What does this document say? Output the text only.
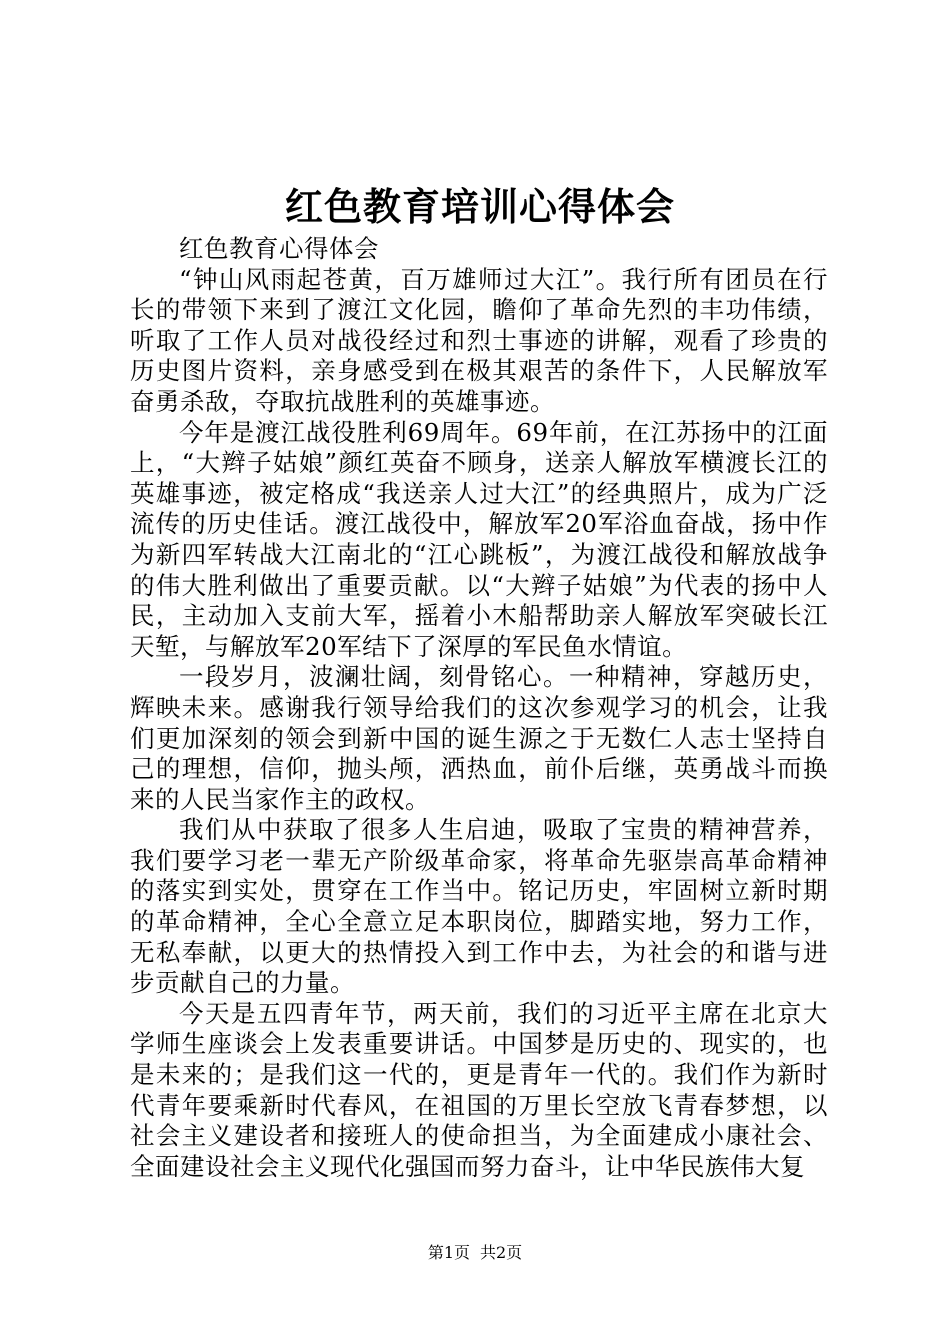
红色教育培训心得体会

红色教育心得体会

“钟山风雨起苍黄，百万雄师过大江”。我行所有团员在行长的带领下来到了渡江文化园，瞻仰了革命先烈的丰功伟绩，听取了工作人员对战役经过和烈士事迹的讲解，观看了珍贵的历史图片资料，亲身感受到在极其艰苦的条件下，人民解放军奋勇杀敌，夺取抗战胜利的英雄事迹。

今年是渡江战役胜利69周年。69年前，在江苏扬中的江面上，“大辫子姑娘”颜红英奋不顾身，送亲人解放军横渡长江的英雄事迹，被定格成“我送亲人过大江”的经典照片，成为广泛流传的历史佳话。渡江战役中，解放军20军浴血奋战，扬中作为新四军转战大江南北的“江心跳板”，为渡江战役和解放战争的伟大胜利做出了重要贡献。以“大辫子姑娘”为代表的扬中人民，主动加入支前大军，摇着小木船帮助亲人解放军突破长江天堑，与解放军20军结下了深厚的军民鱼水情谊。

一段岁月，波澜壮阔，刻骨铭心。一种精神，穿越历史，辉映未来。感谢我行领导给我们的这次参观学习的机会，让我们更加深刻的领会到新中国的诞生源之于无数仁人志士坚持自己的理想，信仰，抛头颅，洒热血，前仆后继，英勇战斗而换来的人民当家作主的政权。

我们从中获取了很多人生启迪，吸取了宝贵的精神营养，我们要学习老一辈无产阶级革命家，将革命先驱崇高革命精神的落实到实处，贯穿在工作当中。铭记历史，牢固树立新时期的革命精神，全心全意立足本职岗位，脚踏实地，努力工作，无私奉献，以更大的热情投入到工作中去，为社会的和谐与进步贡献自己的力量。

今天是五四青年节，两天前，我们的习近平主席在北京大学师生座谈会上发表重要讲话。中国梦是历史的、现实的，也是未来的；是我们这一代的，更是青年一代的。我们作为新时代青年要乘新时代春风，在祖国的万里长空放飞青春梦想，以社会主义建设者和接班人的使命担当，为全面建成小康社会、全面建设社会主义现代化强国而努力奋斗，让中华民族伟大复

第1页 共2页
